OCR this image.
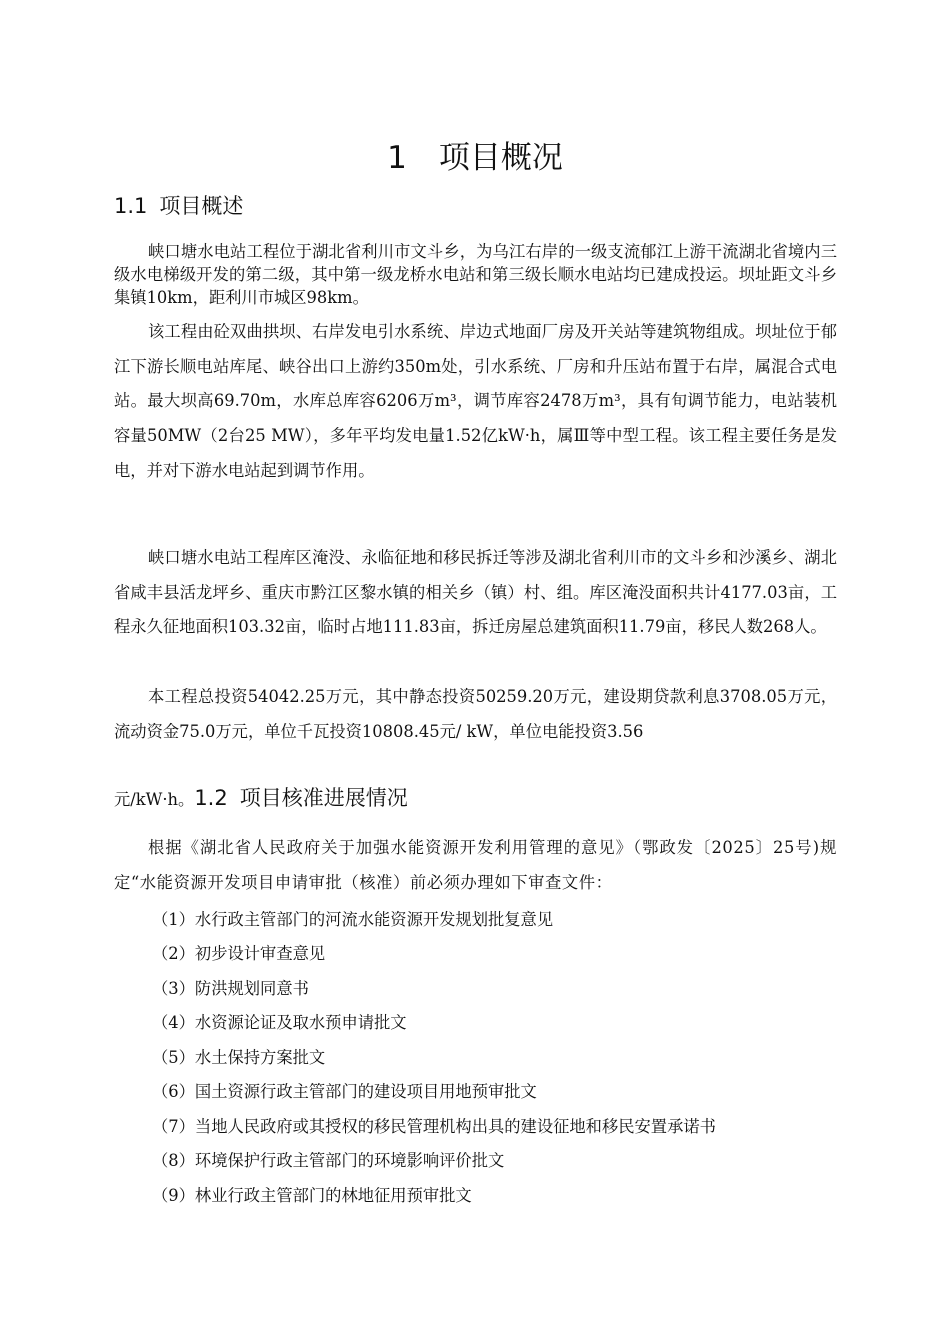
1 项目概况
1.1 项目概述

峡口塘水电站工程位于湖北省利川市文斗乡，为乌江右岸的一级支流郁江上游干流湖北省境内三级水电梯级开发的第二级，其中第一级龙桥水电站和第三级长顺水电站均已建成投运。坝址距文斗乡集镇10km，距利川市城区98km。

该工程由砼双曲拱坝、右岸发电引水系统、岸边式地面厂房及开关站等建筑物组成。坝址位于郁江下游长顺电站库尾、峡谷出口上游约350m处，引水系统、厂房和升压站布置于右岸，属混合式电站。最大坝高69.70m，水库总库容6206万m³，调节库容2478万m³，具有旬调节能力，电站装机容量50MW（2台25 MW），多年平均发电量1.52亿kW·h，属Ⅲ等中型工程。该工程主要任务是发电，并对下游水电站起到调节作用。

峡口塘水电站工程库区淹没、永临征地和移民拆迁等涉及湖北省利川市的文斗乡和沙溪乡、湖北省咸丰县活龙坪乡、重庆市黔江区黎水镇的相关乡（镇）村、组。库区淹没面积共计4177.03亩，工程永久征地面积103.32亩，临时占地111.83亩，拆迁房屋总建筑面积11.79亩，移民人数268人。

本工程总投资54042.25万元，其中静态投资50259.20万元，建设期贷款利息3708.05万元，流动资金75.0万元，单位千瓦投资10808.45元/ kW，单位电能投资3.56

元/kW·h。1.2 项目核准进展情况

根据《湖北省人民政府关于加强水能资源开发利用管理的意见》（鄂政发〔2025〕25号)规定“水能资源开发项目申请审批（核准）前必须办理如下审查文件：

（1）水行政主管部门的河流水能资源开发规划批复意见

（2）初步设计审查意见

（3）防洪规划同意书

（4）水资源论证及取水预申请批文

（5）水土保持方案批文

（6）国土资源行政主管部门的建设项目用地预审批文

（7）当地人民政府或其授权的移民管理机构出具的建设征地和移民安置承诺书

（8）环境保护行政主管部门的环境影响评价批文

（9）林业行政主管部门的林地征用预审批文
